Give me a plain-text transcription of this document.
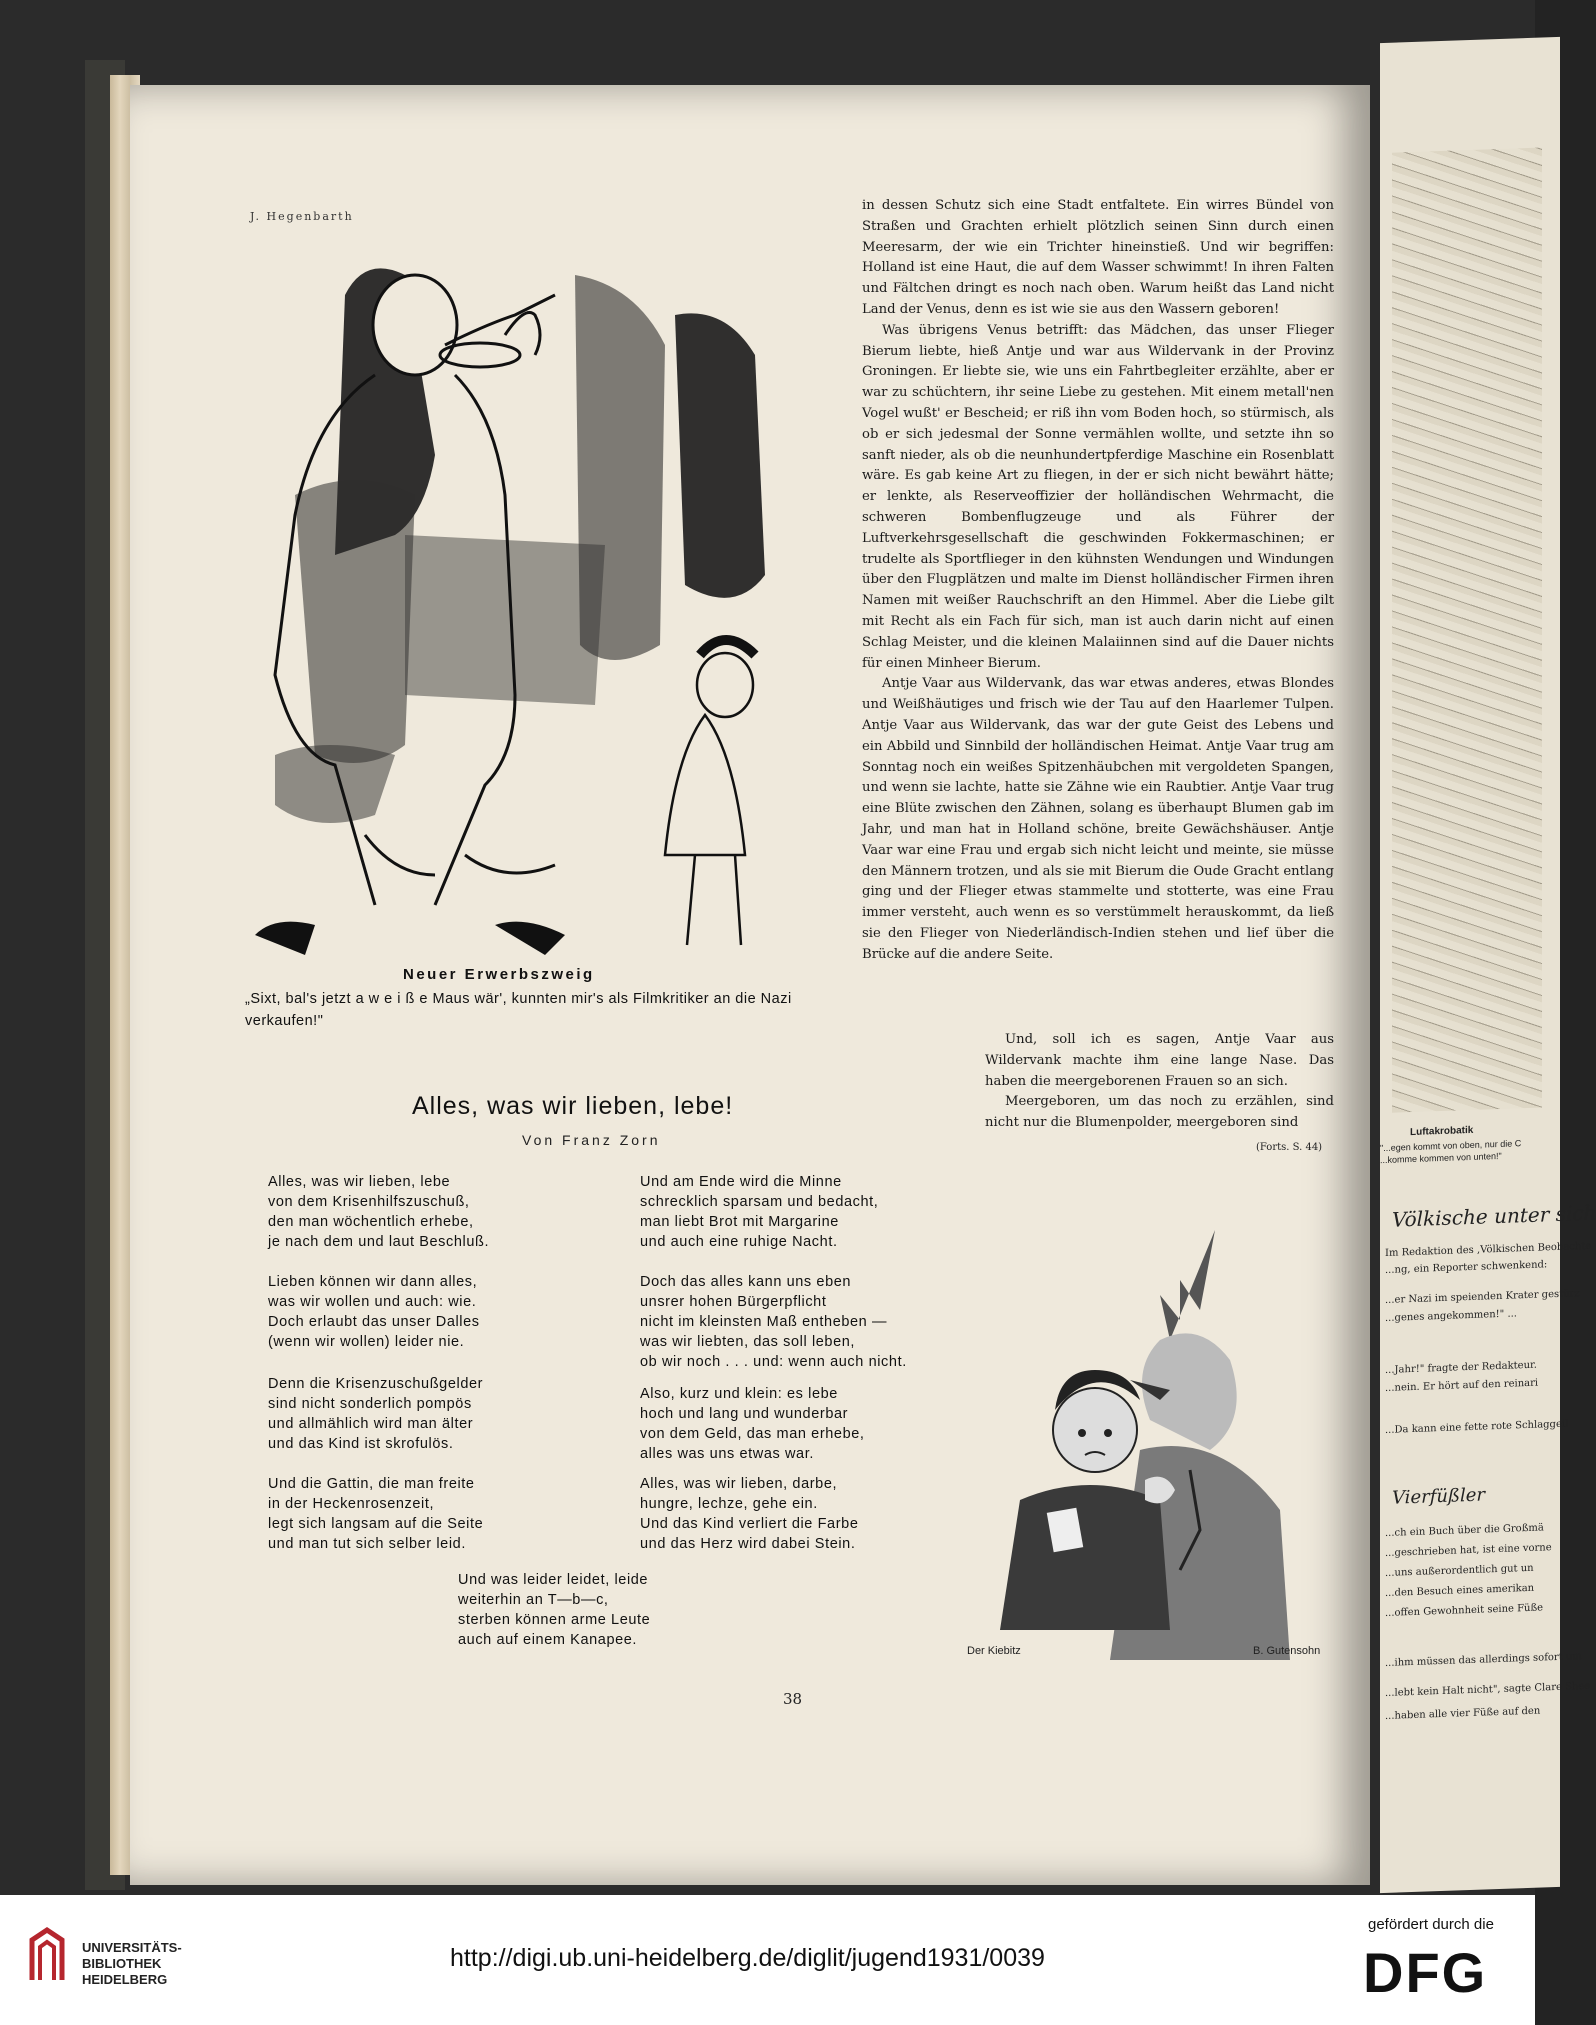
Luftakrobatik
"...egen kommt von oben, nur die C
...komme kommen von unten!"
Völkische unter sich
Im Redaktion des ,Völkischen Beobachte
...ng, ein Reporter schwenkend:
...er Nazi im speienden Krater gestürz
...genes angekommen!" ...
...Jahr!" fragte der Redakteur.
...nein. Er hört auf den reinari
...Da kann eine fette rote Schlaggeil
Vierfüßler
...ch ein Buch über die Großmä
...geschrieben hat, ist eine vorne
...uns außerordentlich gut un
...den Besuch eines amerikan
...offen Gewohnheit seine Füße
...ihm müssen das allerdings sofort um
...lebt kein Halt nicht", sagte Clare Shee
...haben alle vier Füße auf den
J. Hegenbarth
Neuer Erwerbszweig
„Sixt, bal's jetzt a w e i ß e Maus wär', kunnten mir's als Filmkritiker an die Nazi verkaufen!"

in dessen Schutz sich eine Stadt entfaltete. Ein wirres Bündel von Straßen und Grachten erhielt plötzlich seinen Sinn durch einen Meeresarm, der wie ein Trichter hineinstieß. Und wir begriffen: Holland ist eine Haut, die auf dem Wasser schwimmt! In ihren Falten und Fältchen dringt es noch nach oben. Warum heißt das Land nicht Land der Venus, denn es ist wie sie aus den Wassern geboren!

Was übrigens Venus betrifft: das Mädchen, das unser Flieger Bierum liebte, hieß Antje und war aus Wildervank in der Provinz Groningen. Er liebte sie, wie uns ein Fahrtbegleiter erzählte, aber er war zu schüchtern, ihr seine Liebe zu gestehen. Mit einem metall'nen Vogel wußt' er Bescheid; er riß ihn vom Boden hoch, so stürmisch, als ob er sich jedesmal der Sonne vermählen wollte, und setzte ihn so sanft nieder, als ob die neunhundertpferdige Maschine ein Rosenblatt wäre. Es gab keine Art zu fliegen, in der er sich nicht bewährt hätte; er lenkte, als Reserveoffizier der holländischen Wehrmacht, die schweren Bombenflugzeuge und als Führer der Luftverkehrsgesellschaft die geschwinden Fokkermaschinen; er trudelte als Sportflieger in den kühnsten Wendungen und Windungen über den Flugplätzen und malte im Dienst holländischer Firmen ihren Namen mit weißer Rauchschrift an den Himmel. Aber die Liebe gilt mit Recht als ein Fach für sich, man ist auch darin nicht auf einen Schlag Meister, und die kleinen Malaiinnen sind auf die Dauer nichts für einen Minheer Bierum.

Antje Vaar aus Wildervank, das war etwas anderes, etwas Blondes und Weißhäutiges und frisch wie der Tau auf den Haarlemer Tulpen. Antje Vaar aus Wildervank, das war der gute Geist des Lebens und ein Abbild und Sinnbild der holländischen Heimat. Antje Vaar trug am Sonntag noch ein weißes Spitzenhäubchen mit vergoldeten Spangen, und wenn sie lachte, hatte sie Zähne wie ein Raubtier. Antje Vaar trug eine Blüte zwischen den Zähnen, solang es überhaupt Blumen gab im Jahr, und man hat in Holland schöne, breite Gewächshäuser. Antje Vaar war eine Frau und ergab sich nicht leicht und meinte, sie müsse den Männern trotzen, und als sie mit Bierum die Oude Gracht entlang ging und der Flieger etwas stammelte und stotterte, was eine Frau immer versteht, auch wenn es so verstümmelt herauskommt, da ließ sie den Flieger von Niederländisch-Indien stehen und lief über die Brücke auf die andere Seite.

Und, soll ich es sagen, Antje Vaar aus Wildervank machte ihm eine lange Nase. Das haben die meergeborenen Frauen so an sich.

Meergeboren, um das noch zu erzählen, sind nicht nur die Blumenpolder, meergeboren sind

(Forts. S. 44)
Alles, was wir lieben, lebe!
Von Franz Zorn
Alles, was wir lieben, lebe
von dem Krisenhilfszuschuß,
den man wöchentlich erhebe,
je nach dem und laut Beschluß.
Lieben können wir dann alles,
was wir wollen und auch: wie.
Doch erlaubt das unser Dalles
(wenn wir wollen) leider nie.
Denn die Krisenzuschußgelder
sind nicht sonderlich pompös
und allmählich wird man älter
und das Kind ist skrofulös.
Und die Gattin, die man freite
in der Heckenrosenzeit,
legt sich langsam auf die Seite
und man tut sich selber leid.
Und am Ende wird die Minne
schrecklich sparsam und bedacht,
man liebt Brot mit Margarine
und auch eine ruhige Nacht.
Doch das alles kann uns eben
unsrer hohen Bürgerpflicht
nicht im kleinsten Maß entheben —
was wir liebten, das soll leben,
ob wir noch . . . und: wenn auch nicht.
Also, kurz und klein: es lebe
hoch und lang und wunderbar
von dem Geld, das man erhebe,
alles was uns etwas war.
Alles, was wir lieben, darbe,
hungre, lechze, gehe ein.
Und das Kind verliert die Farbe
und das Herz wird dabei Stein.
Und was leider leidet, leide
weiterhin an T—b—c,
sterben können arme Leute
auch auf einem Kanapee.
Der Kiebitz	B. Gutensohn
38
UNIVERSITÄTS-
BIBLIOTHEK
HEIDELBERG
http://digi.ub.uni-heidelberg.de/diglit/jugend1931/0039
gefördert durch die
DFG
